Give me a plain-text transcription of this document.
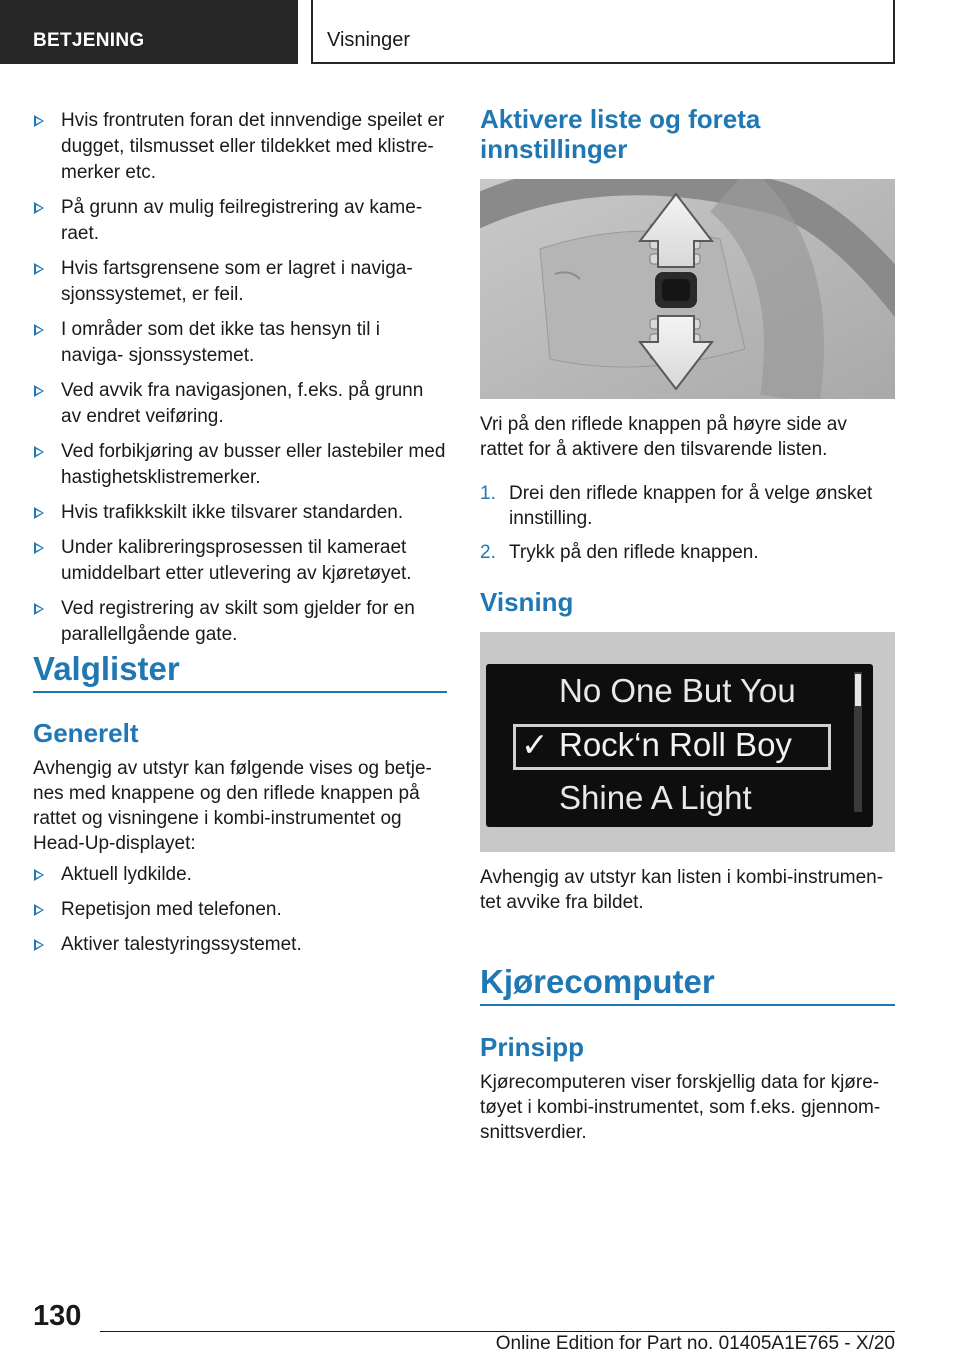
BETJENING	Visninger
Hvis frontruten foran det innvendige speilet er dugget, tilsmusset eller tildekket med klistre‐ merker etc.
På grunn av mulig feilregistrering av kame‐ raet.
Hvis fartsgrensene som er lagret i naviga‐ sjonssystemet, er feil.
I områder som det ikke tas hensyn til i naviga‐ sjonssystemet.
Ved avvik fra navigasjonen, f.eks. på grunn av endret veiføring.
Ved forbikjøring av busser eller lastebiler med hastighetsklistremerker.
Hvis trafikkskilt ikke tilsvarer standarden.
Under kalibreringsprosessen til kameraet umiddelbart etter utlevering av kjøretøyet.
Ved registrering av skilt som gjelder for en parallellgående gate.
Valglister
Generelt
Avhengig av utstyr kan følgende vises og betje‐ nes med knappene og den riflede knappen på rattet og visningene i kombi-instrumentet og Head-Up-displayet:
Aktuell lydkilde.
Repetisjon med telefonen.
Aktiver talestyringssystemet.
Aktivere liste og foreta innstillinger
Vri på den riflede knappen på høyre side av rattet for å aktivere den tilsvarende listen.
1. Drei den riflede knappen for å velge ønsket innstilling.
2. Trykk på den riflede knappen.
Visning
No One But You
✓ Rock‘n Roll Boy
Shine A Light
Avhengig av utstyr kan listen i kombi-instrumen‐ tet avvike fra bildet.
Kjørecomputer
Prinsipp
Kjørecomputeren viser forskjellig data for kjøre‐ tøyet i kombi-instrumentet, som f.eks. gjennom‐ snittsverdier.
130
Online Edition for Part no. 01405A1E765 - X/20
